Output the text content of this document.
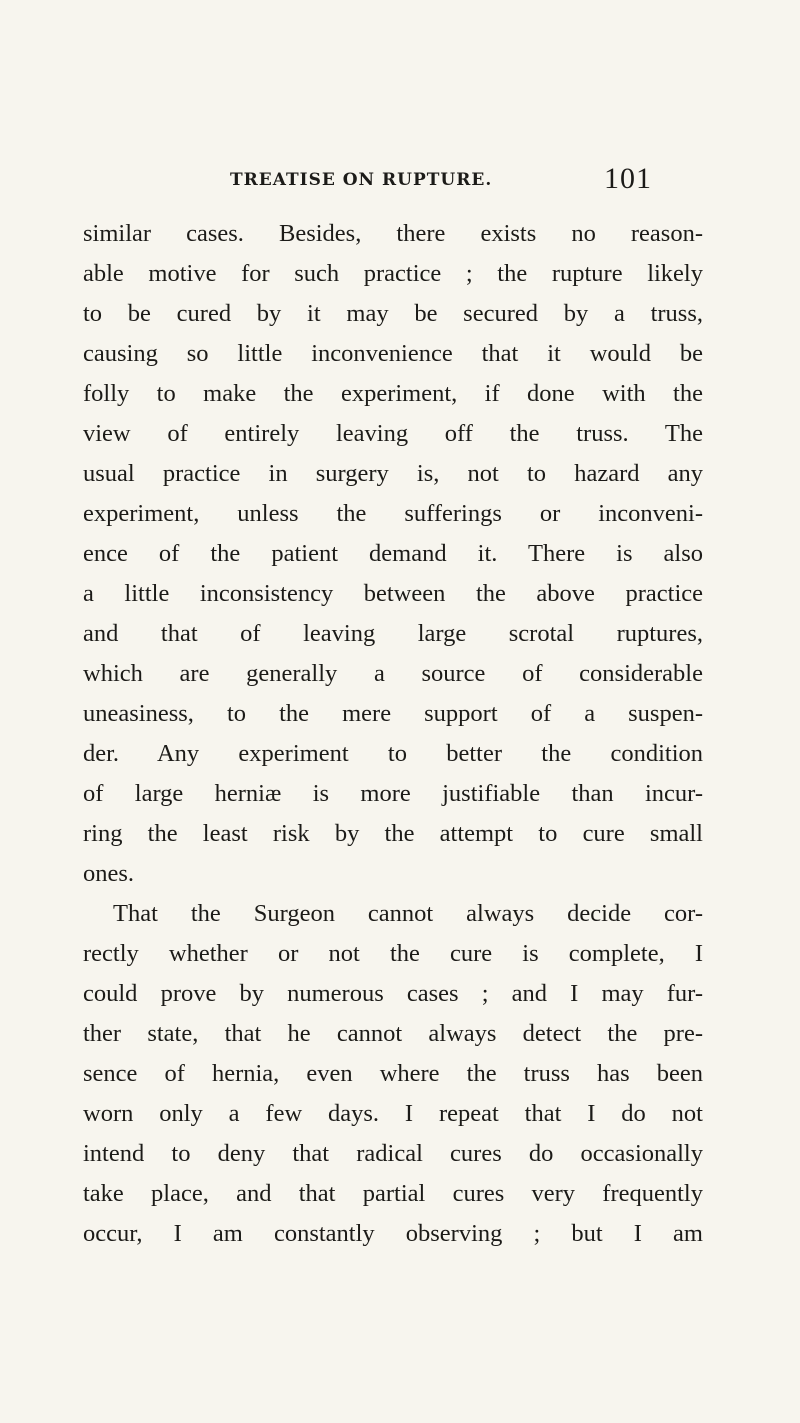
TREATISE ON RUPTURE.	101
similar cases. Besides, there exists no reason-
able motive for such practice ; the rupture likely
to be cured by it may be secured by a truss,
causing so little inconvenience that it would be
folly to make the experiment, if done with the
view of entirely leaving off the truss. The
usual practice in surgery is, not to hazard any
experiment, unless the sufferings or inconveni-
ence of the patient demand it. There is also
a little inconsistency between the above practice
and that of leaving large scrotal ruptures,
which are generally a source of considerable
uneasiness, to the mere support of a suspen-
der. Any experiment to better the condition
of large herniæ is more justifiable than incur-
ring the least risk by the attempt to cure small
ones.
That the Surgeon cannot always decide cor-
rectly whether or not the cure is complete, I
could prove by numerous cases ; and I may fur-
ther state, that he cannot always detect the pre-
sence of hernia, even where the truss has been
worn only a few days. I repeat that I do not
intend to deny that radical cures do occasionally
take place, and that partial cures very frequently
occur, I am constantly observing ; but I am
